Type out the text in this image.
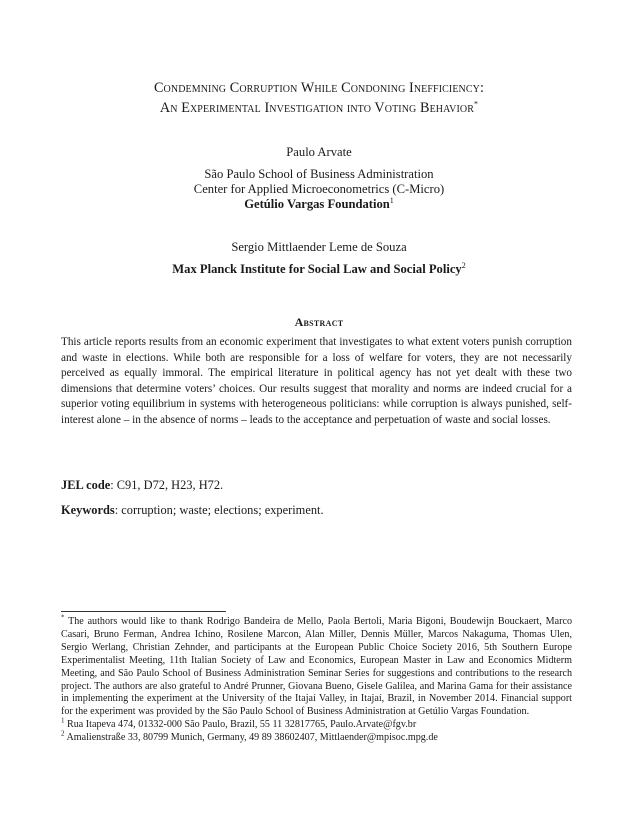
Condemning Corruption While Condoning Inefficiency:
An Experimental Investigation into Voting Behavior*
Paulo Arvate
São Paulo School of Business Administration
Center for Applied Microeconometrics (C-Micro)
Getúlio Vargas Foundation$^1$
Sergio Mittlaender Leme de Souza
Max Planck Institute for Social Law and Social Policy$^2$
Abstract
This article reports results from an economic experiment that investigates to what extent voters punish corruption and waste in elections. While both are responsible for a loss of welfare for voters, they are not necessarily perceived as equally immoral. The empirical literature in political agency has not yet dealt with these two dimensions that determine voters’ choices. Our results suggest that morality and norms are indeed crucial for a superior voting equilibrium in systems with heterogeneous politicians: while corruption is always punished, self-interest alone – in the absence of norms – leads to the acceptance and perpetuation of waste and social losses.
JEL code: C91, D72, H23, H72.
Keywords: corruption; waste; elections; experiment.

* The authors would like to thank Rodrigo Bandeira de Mello, Paola Bertoli, Maria Bigoni, Boudewijn Bouckaert, Marco Casari, Bruno Ferman, Andrea Ichino, Rosilene Marcon, Alan Miller, Dennis Müller, Marcos Nakaguma, Thomas Ulen, Sergio Werlang, Christian Zehnder, and participants at the European Public Choice Society 2016, 5th Southern Europe Experimentalist Meeting, 11th Italian Society of Law and Economics, European Master in Law and Economics Midterm Meeting, and São Paulo School of Business Administration Seminar Series for suggestions and contributions to the research project. The authors are also grateful to André Prunner, Giovana Bueno, Gisele Galilea, and Marina Gama for their assistance in implementing the experiment at the University of the Itajaí Valley, in Itajaí, Brazil, in November 2014. Financial support for the experiment was provided by the São Paulo School of Business Administration at Getúlio Vargas Foundation.

$^1$ Rua Itapeva 474, 01332-000 São Paulo, Brazil, 55 11 32817765, Paulo.Arvate@fgv.br

$^2$ Amalienstraße 33, 80799 Munich, Germany, 49 89 38602407, Mittlaender@mpisoc.mpg.de
